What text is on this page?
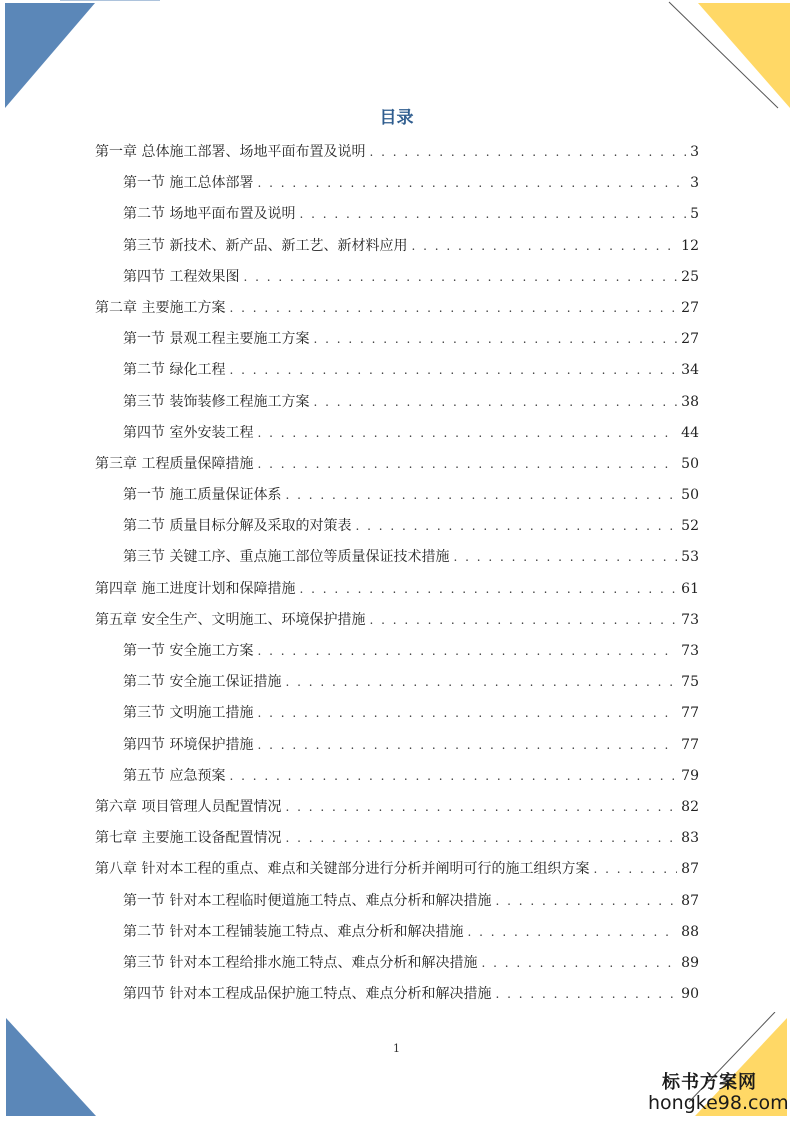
目录
第一章 总体施工部署、场地平面布置及说明 . . .	3
第一节 施工总体部署 . . .	3
第二节 场地平面布置及说明 . . .	5
第三节 新技术、新产品、新工艺、新材料应用 . . .	12
第四节 工程效果图 . . .	25
第二章 主要施工方案 . . .	27
第一节 景观工程主要施工方案 . . .	27
第二节 绿化工程 . . .	34
第三节 装饰装修工程施工方案 . . .	38
第四节 室外安装工程 . . .	44
第三章 工程质量保障措施 . . .	50
第一节 施工质量保证体系 . . .	50
第二节 质量目标分解及采取的对策表 . . .	52
第三节 关键工序、重点施工部位等质量保证技术措施 . . .	53
第四章 施工进度计划和保障措施 . . .	61
第五章 安全生产、文明施工、环境保护措施 . . .	73
第一节 安全施工方案 . . .	73
第二节 安全施工保证措施 . . .	75
第三节 文明施工措施 . . .	77
第四节 环境保护措施 . . .	77
第五节 应急预案 . . .	79
第六章 项目管理人员配置情况 . . .	82
第七章 主要施工设备配置情况 . . .	83
第八章 针对本工程的重点、难点和关键部分进行分析并阐明可行的施工组织方案 . . .	87
第一节 针对本工程临时便道施工特点、难点分析和解决措施 . . .	87
第二节 针对本工程铺装施工特点、难点分析和解决措施 . . .	88
第三节 针对本工程给排水施工特点、难点分析和解决措施 . . .	89
第四节 针对本工程成品保护施工特点、难点分析和解决措施 . . .	90
1
标书方案网
hongke98.com
